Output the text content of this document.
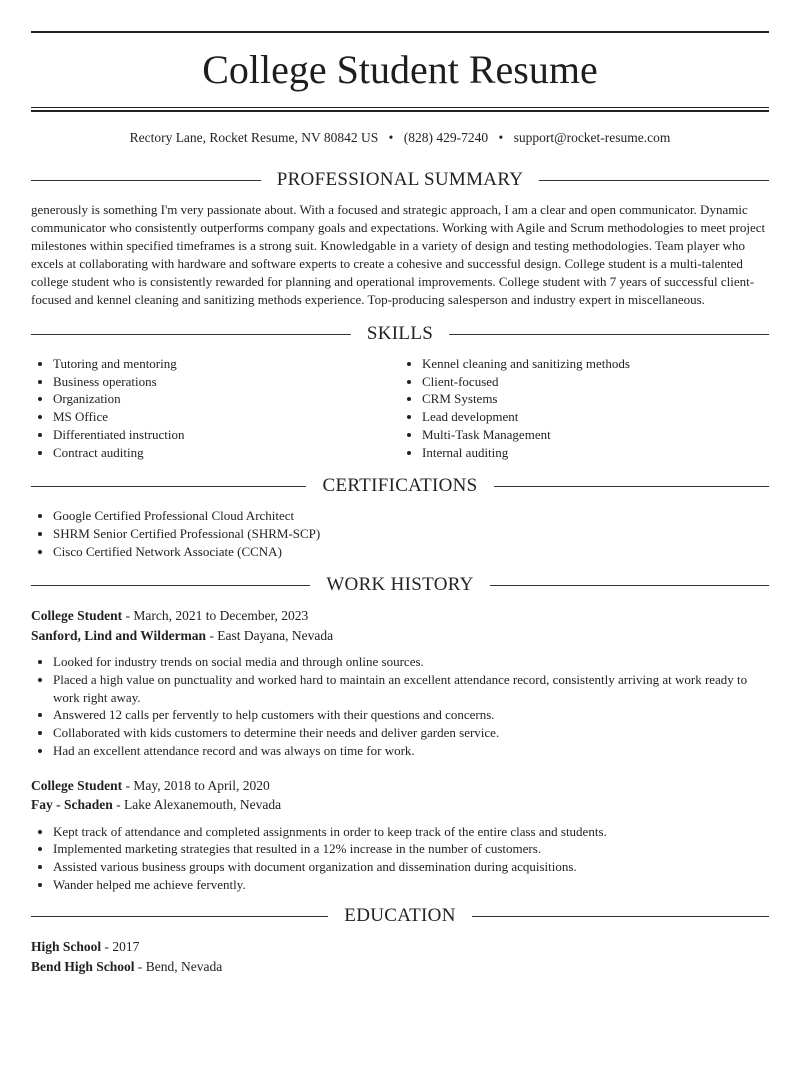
College Student Resume
Rectory Lane, Rocket Resume, NV 80842 US • (828) 429-7240 • support@rocket-resume.com
PROFESSIONAL SUMMARY

generously is something I'm very passionate about. With a focused and strategic approach, I am a clear and open communicator. Dynamic communicator who consistently outperforms company goals and expectations. Working with Agile and Scrum methodologies to meet project milestones within specified timeframes is a strong suit. Knowledgable in a variety of design and testing methodologies. Team player who excels at collaborating with hardware and software experts to create a cohesive and successful design. College student is a multi-talented college student who is consistently rewarded for planning and operational improvements. College student with 7 years of successful client-focused and kennel cleaning and sanitizing methods experience. Top-producing salesperson and industry expert in miscellaneous.

SKILLS
• Tutoring and mentoring
• Business operations
• Organization
• MS Office
• Differentiated instruction
• Contract auditing
• Kennel cleaning and sanitizing methods
• Client-focused
• CRM Systems
• Lead development
• Multi-Task Management
• Internal auditing
CERTIFICATIONS
• Google Certified Professional Cloud Architect
• SHRM Senior Certified Professional (SHRM-SCP)
• Cisco Certified Network Associate (CCNA)
WORK HISTORY
College Student - March, 2021 to December, 2023
Sanford, Lind and Wilderman - East Dayana, Nevada
• Looked for industry trends on social media and through online sources.
• Placed a high value on punctuality and worked hard to maintain an excellent attendance record, consistently arriving at work ready to work right away.
• Answered 12 calls per fervently to help customers with their questions and concerns.
• Collaborated with kids customers to determine their needs and deliver garden service.
• Had an excellent attendance record and was always on time for work.
College Student - May, 2018 to April, 2020
Fay - Schaden - Lake Alexanemouth, Nevada
• Kept track of attendance and completed assignments in order to keep track of the entire class and students.
• Implemented marketing strategies that resulted in a 12% increase in the number of customers.
• Assisted various business groups with document organization and dissemination during acquisitions.
• Wander helped me achieve fervently.
EDUCATION
High School - 2017
Bend High School - Bend, Nevada
